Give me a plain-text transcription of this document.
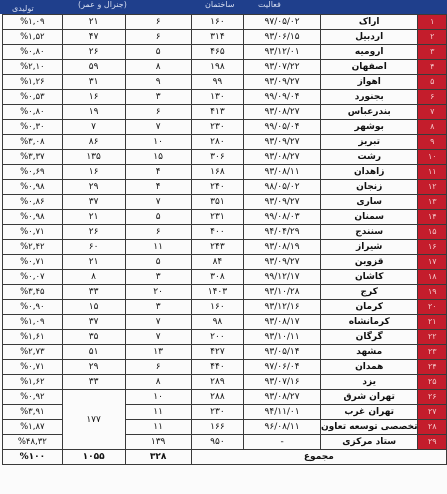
فعالیت
ساختمان
(جنرال و عمر)
تولیدی
%۱,۰۹	۲۱	۶	۱۶۰	۹۷/۰۵/۰۲	اراک	۱
%۱,۵۲	۴۷	۶	۳۱۴	۹۳/۰۶/۱۵	اردبیل	۲
%۰,۸۰	۲۶	۵	۴۶۵	۹۳/۱۲/۰۱	ارومیه	۳
%۲,۱۰	۵۹	۸	۱۹۸	۹۳/۰۷/۲۲	اصفهان	۴
%۱,۲۶	۳۱	۹	۹۹	۹۳/۰۹/۲۷	اهواز	۵
%۰,۵۳	۱۶	۳	۱۳۰	۹۹/۰۹/۰۴	بجنورد	۶
%۰,۸۰	۱۹	۶	۴۱۳	۹۳/۰۸/۲۷	بندرعباس	۷
%۰,۳۰	۷	۷	۲۳۰	۹۹/۰۵/۰۴	بوشهر	۸
%۳,۰۸	۸۶	۱۰	۲۸۰	۹۳/۰۹/۲۷	تبریز	۹
%۳,۳۷	۱۳۵	۱۵	۳۰۶	۹۳/۰۸/۲۷	رشت	۱۰
%۰,۶۹	۱۶	۴	۱۶۸	۹۳/۰۸/۱۱	زاهدان	۱۱
%۰,۹۸	۲۹	۴	۲۴۰	۹۸/۰۵/۰۲	زنجان	۱۲
%۰,۸۶	۳۷	۷	۳۵۱	۹۳/۰۹/۲۷	ساری	۱۳
%۰,۹۸	۲۱	۵	۲۳۱	۹۹/۰۸/۰۳	سمنان	۱۴
%۰,۷۱	۲۶	۶	۴۰۰	۹۴/۰۴/۲۹	سنندج	۱۵
%۲,۴۲	۶۰	۱۱	۲۴۳	۹۳/۰۸/۱۹	شیراز	۱۶
%۰,۷۱	۲۱	۵	۸۴	۹۳/۰۹/۲۷	قزوین	۱۷
%۰,۰۷	۸	۳	۳۰۸	۹۹/۱۲/۱۷	کاشان	۱۸
%۳,۴۵	۳۳	۲۰	۱۴۰۳	۹۳/۱۰/۲۸	کرج	۱۹
%۰,۹۰	۱۵	۳	۱۶۰	۹۳/۱۲/۱۶	کرمان	۲۰
%۱,۰۹	۳۷	۷	۹۸	۹۳/۰۸/۱۷	کرمانشاه	۲۱
%۱,۶۱	۳۵	۷	۲۰۰	۹۳/۱۰/۱۱	گرگان	۲۲
%۲,۷۳	۵۱	۱۳	۴۲۷	۹۳/۰۵/۱۴	مشهد	۲۳
%۰,۷۱	۲۹	۶	۴۴۰	۹۷/۰۶/۰۴	همدان	۲۴
%۱,۶۲	۳۳	۸	۲۸۹	۹۳/۰۷/۱۶	یزد	۲۵
%۰,۹۲	۱۷۷	۱۰	۲۸۸	۹۳/۰۸/۲۷	تهران شرق	۲۶
%۳,۹۱		۱۱	۲۳۰	۹۴/۱۱/۰۱	تهران غرب	۲۷
%۱,۸۷		۱۱	۱۶۶	۹۶/۰۸/۱۱	تخصصی توسعه تعاون	۲۸
%۴۸,۳۲		۱۳۹	۹۵۰	-	ستاد مرکزی	۲۹
%۱۰۰	۱۰۵۵	۳۲۸	مجموع			
